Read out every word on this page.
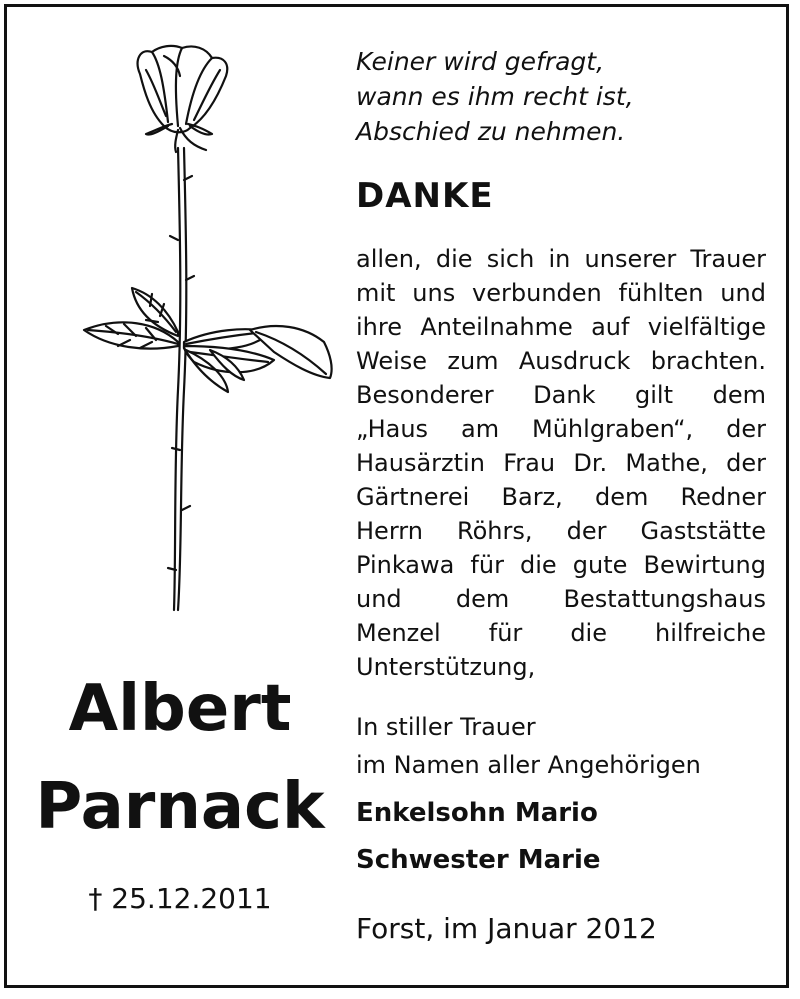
Keiner wird gefragt,
wann es ihm recht ist,
Abschied zu nehmen.
DANKE
allen, die sich in unserer Trauer
mit uns verbunden fühlten und
ihre Anteilnahme auf vielfältige
Weise zum Ausdruck brachten.
Besonderer Dank gilt dem
„Haus am Mühlgraben“, der
Hausärztin Frau Dr. Mathe, der
Gärtnerei Barz, dem Redner
Herrn Röhrs, der Gaststätte
Pinkawa für die gute Bewirtung
und dem Bestattungshaus
Menzel für die hilfreiche
Unterstützung,
In stiller Trauer
im Namen aller Angehörigen
Enkelsohn Mario
Schwester Marie
Forst, im Januar 2012
Albert
Parnack
† 25.12.2011
